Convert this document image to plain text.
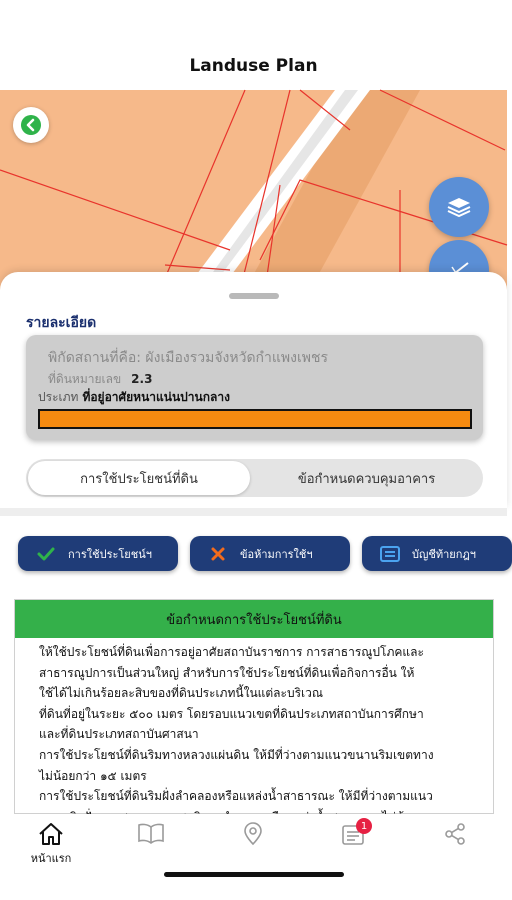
Landuse Plan
รายละเอียด
พิกัดสถานที่คือ: ผังเมืองรวมจังหวัดกำแพงเพชร
ที่ดินหมายเลข 2.3
ประเภท ที่อยู่อาศัยหนาแน่นปานกลาง
การใช้ประโยชน์ที่ดิน	ข้อกำหนดควบคุมอาคาร
การใช้ประโยชน์ฯ	ข้อห้ามการใช้ฯ	บัญชีท้ายกฎฯ
ข้อกำหนดการใช้ประโยชน์ที่ดิน

ให้ใช้ประโยชน์ที่ดินเพื่อการอยู่อาศัยสถาบันราชการ การสาธารณูปโภคและ

สาธารณูปการเป็นส่วนใหญ่ สำหรับการใช้ประโยชน์ที่ดินเพื่อกิจการอื่น ให้

ใช้ได้ไม่เกินร้อยละสิบของที่ดินประเภทนี้ในแต่ละบริเวณ

ที่ดินที่อยู่ในระยะ ๕๐๐ เมตร โดยรอบแนวเขตที่ดินประเภทสถาบันการศึกษา

และที่ดินประเภทสถาบันศาสนา

การใช้ประโยชน์ที่ดินริมทางหลวงแผ่นดิน ให้มีที่ว่างตามแนวขนานริมเขตทาง

ไม่น้อยกว่า ๑๕ เมตร

การใช้ประโยชน์ที่ดินริมฝั่งลำคลองหรือแหล่งน้ำสาธารณะ ให้มีที่ว่างตามแนว

หน้าแรก
1
